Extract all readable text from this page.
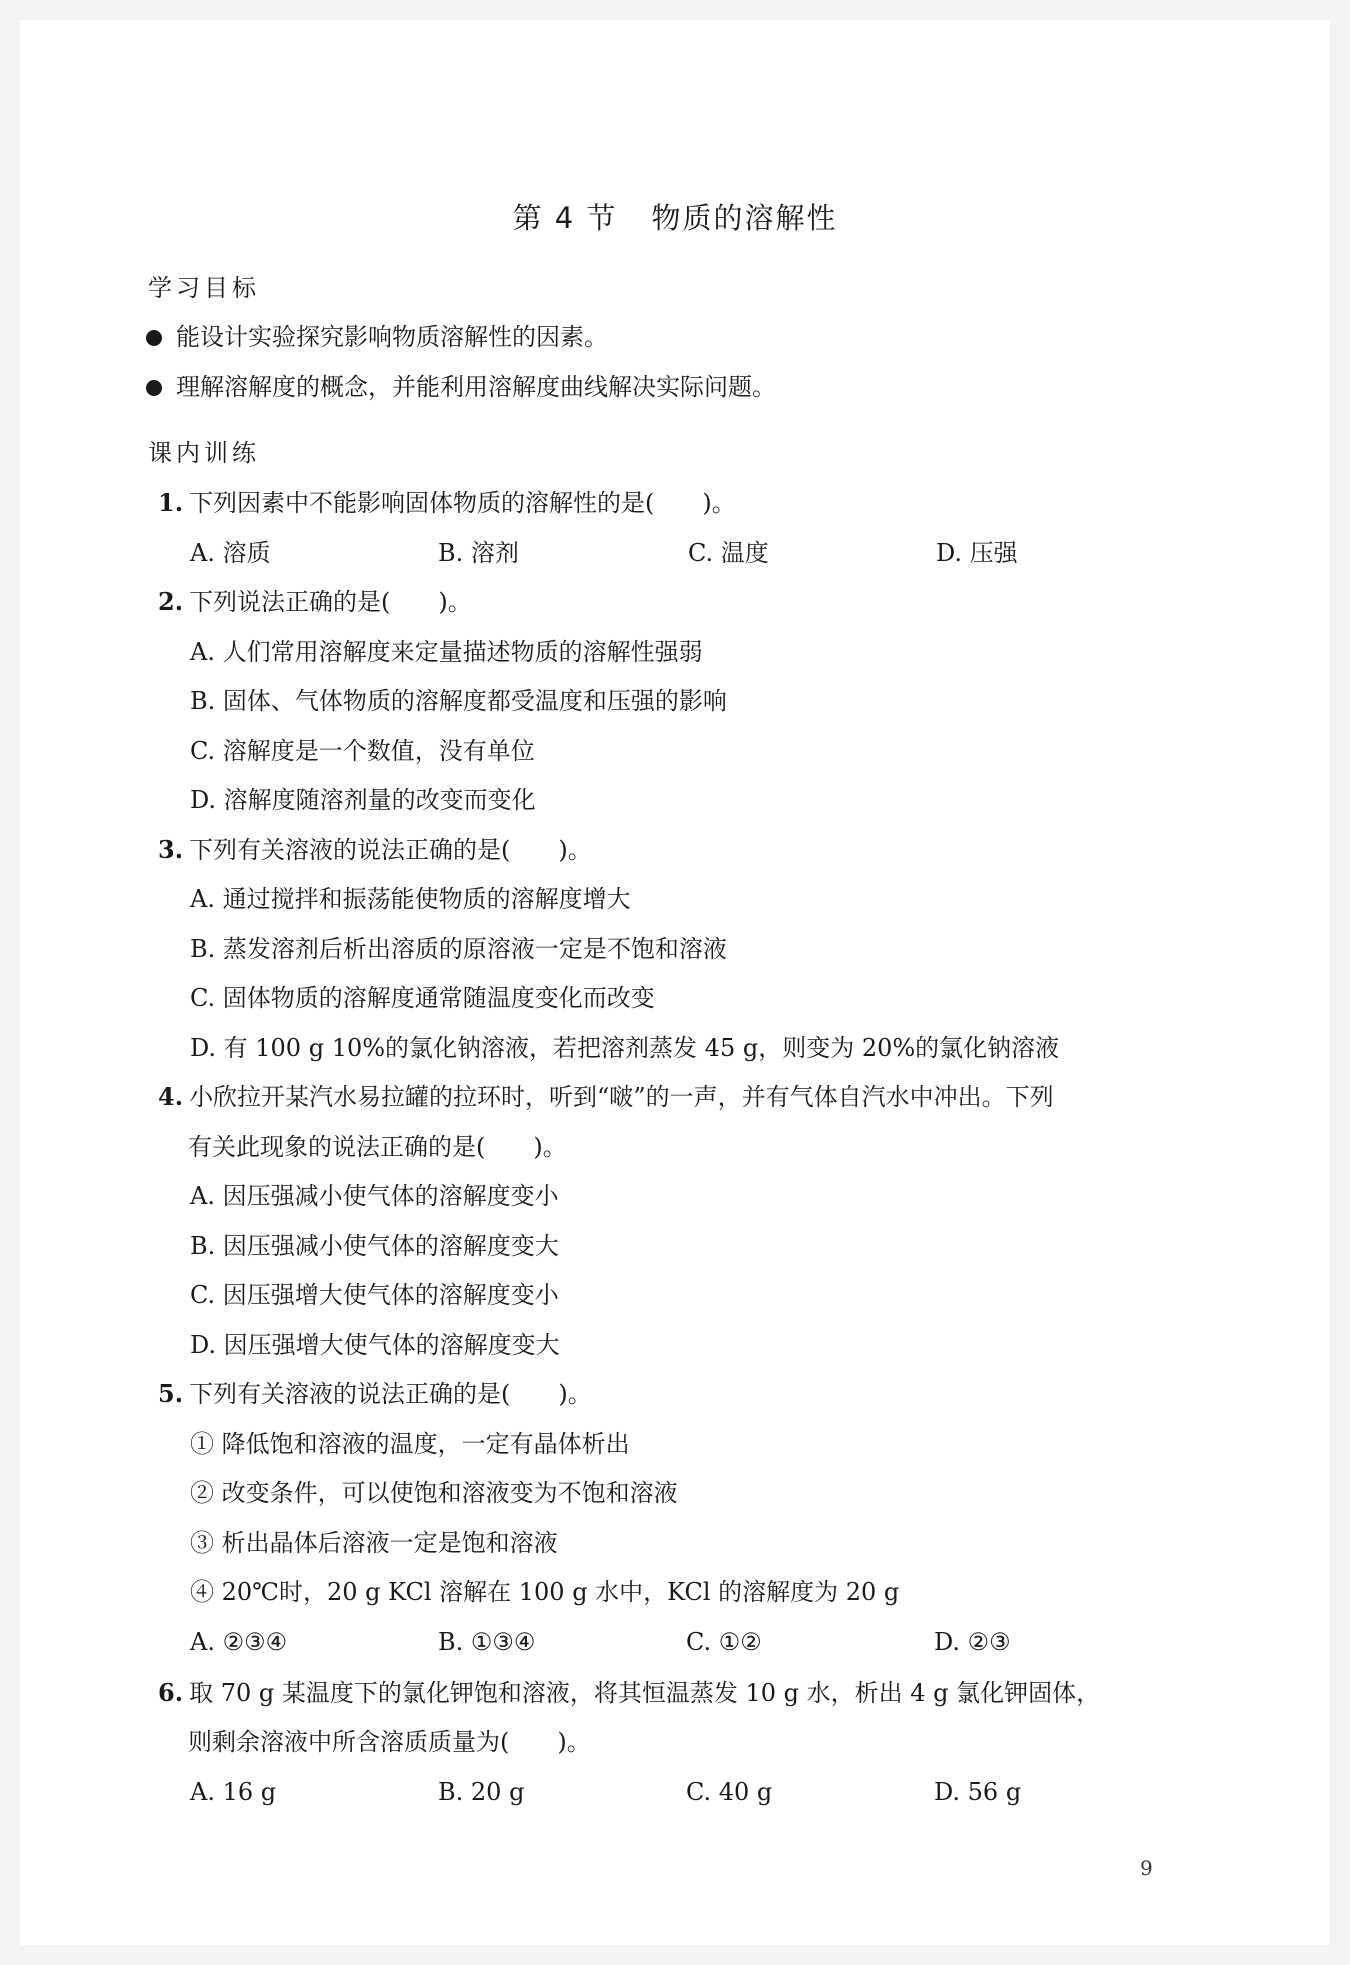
第 4 节 物质的溶解性
学习目标
能设计实验探究影响物质溶解性的因素。
理解溶解度的概念，并能利用溶解度曲线解决实际问题。
课内训练
1. 下列因素中不能影响固体物质的溶解性的是(　　)。
A. 溶质	B. 溶剂	C. 温度	D. 压强
2. 下列说法正确的是(　　)。
A. 人们常用溶解度来定量描述物质的溶解性强弱
B. 固体、气体物质的溶解度都受温度和压强的影响
C. 溶解度是一个数值，没有单位
D. 溶解度随溶剂量的改变而变化
3. 下列有关溶液的说法正确的是(　　)。
A. 通过搅拌和振荡能使物质的溶解度增大
B. 蒸发溶剂后析出溶质的原溶液一定是不饱和溶液
C. 固体物质的溶解度通常随温度变化而改变
D. 有 100 g 10%的氯化钠溶液，若把溶剂蒸发 45 g，则变为 20%的氯化钠溶液
4. 小欣拉开某汽水易拉罐的拉环时，听到“啵”的一声，并有气体自汽水中冲出。下列
有关此现象的说法正确的是(　　)。
A. 因压强减小使气体的溶解度变小
B. 因压强减小使气体的溶解度变大
C. 因压强增大使气体的溶解度变小
D. 因压强增大使气体的溶解度变大
5. 下列有关溶液的说法正确的是(　　)。
① 降低饱和溶液的温度，一定有晶体析出
② 改变条件，可以使饱和溶液变为不饱和溶液
③ 析出晶体后溶液一定是饱和溶液
④ 20℃时，20 g KCl 溶解在 100 g 水中，KCl 的溶解度为 20 g
A. ②③④	B. ①③④	C. ①②	D. ②③
6. 取 70 g 某温度下的氯化钾饱和溶液，将其恒温蒸发 10 g 水，析出 4 g 氯化钾固体，
则剩余溶液中所含溶质质量为(　　)。
A. 16 g	B. 20 g	C. 40 g	D. 56 g
9
